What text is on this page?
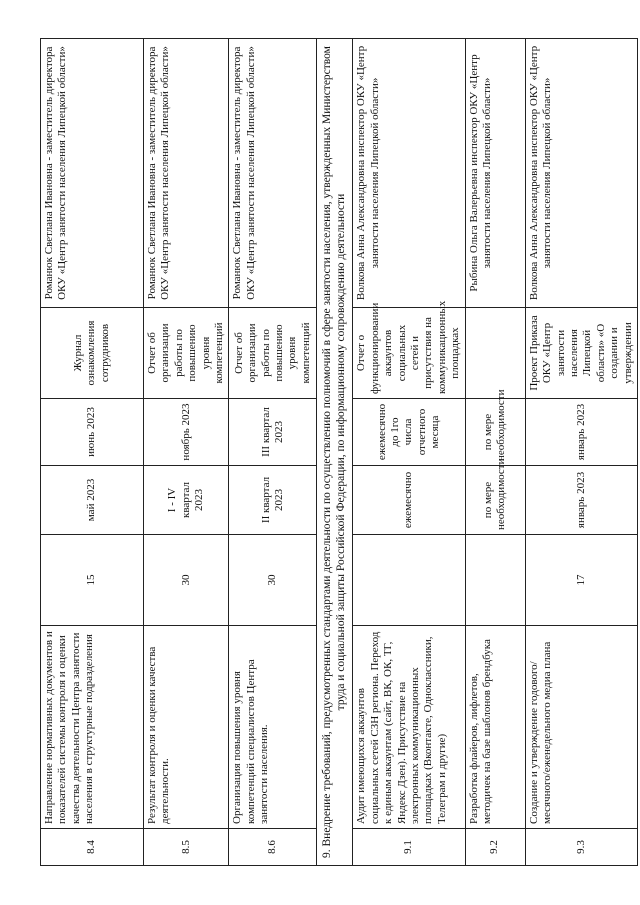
8.4	Направление нормативных документов и показателей системы контроля и оценки качества деятельности Центра занятости населения в структурные подразделения	15	май 2023	июнь 2023	Журнал ознакомления сотрудников	Романюк Светлана Ивановна - заместитель директора ОКУ «Центр занятости населения Липецкой области»
8.5	Результат контроля и оценки качества деятельности.	30	I - IV квартал 2023	ноябрь 2023	Отчет об организации работы по повышению уровня компетенций	Романюк Светлана Ивановна - заместитель директора ОКУ «Центр занятости населения Липецкой области»
8.6	Организация повышения уровня компетенций специалистов Центра занятости населения.	30	II квартал 2023	III квартал 2023	Отчет об организации работы по повышению уровня компетенций	Романюк Светлана Ивановна - заместитель директора ОКУ «Центр занятости населения Липецкой области»
9. Внедрение требований, предусмотренных стандартами деятельности по осуществлению полномочий в сфере занятости населения, утвержденных Министерством труда и социальной защиты Российской Федерации, по информационному сопровождению деятельности						
9.1	Аудит имеющихся аккаунтов социальных сетей СЗН региона. Переход к единым аккаунтам (сайт, ВК, ОК, ТГ, Яндекс Дзен). Присутствие на электронных коммуникационных площадках (Вконтакте, Одноклассники, Телеграм и другие)		ежемесячно	ежемесячно до 1го числа отчетного месяца	Отчет о функционировании аккаунтов социальных сетей и присутствия на коммуникационных площадках	Волкова Анна Александровна инспектор ОКУ «Центр занятости населения Липецкой области»
9.2	Разработка флайеров, лифлетов, методичек на базе шаблонов брендбука		по мере необходимости	по мере необходимости		Рыбина Ольга Валерьевна инспектор ОКУ «Центр занятости населения Липецкой области»
9.3	Создание и утверждение годового/месячного/еженедельного медиа плана	17	январь 2023	январь 2023	Проект Приказа ОКУ «Центр занятости населения Липецкой области» «О создании и утверждении	Волкова Анна Александровна инспектор ОКУ «Центр занятости населения Липецкой области»
